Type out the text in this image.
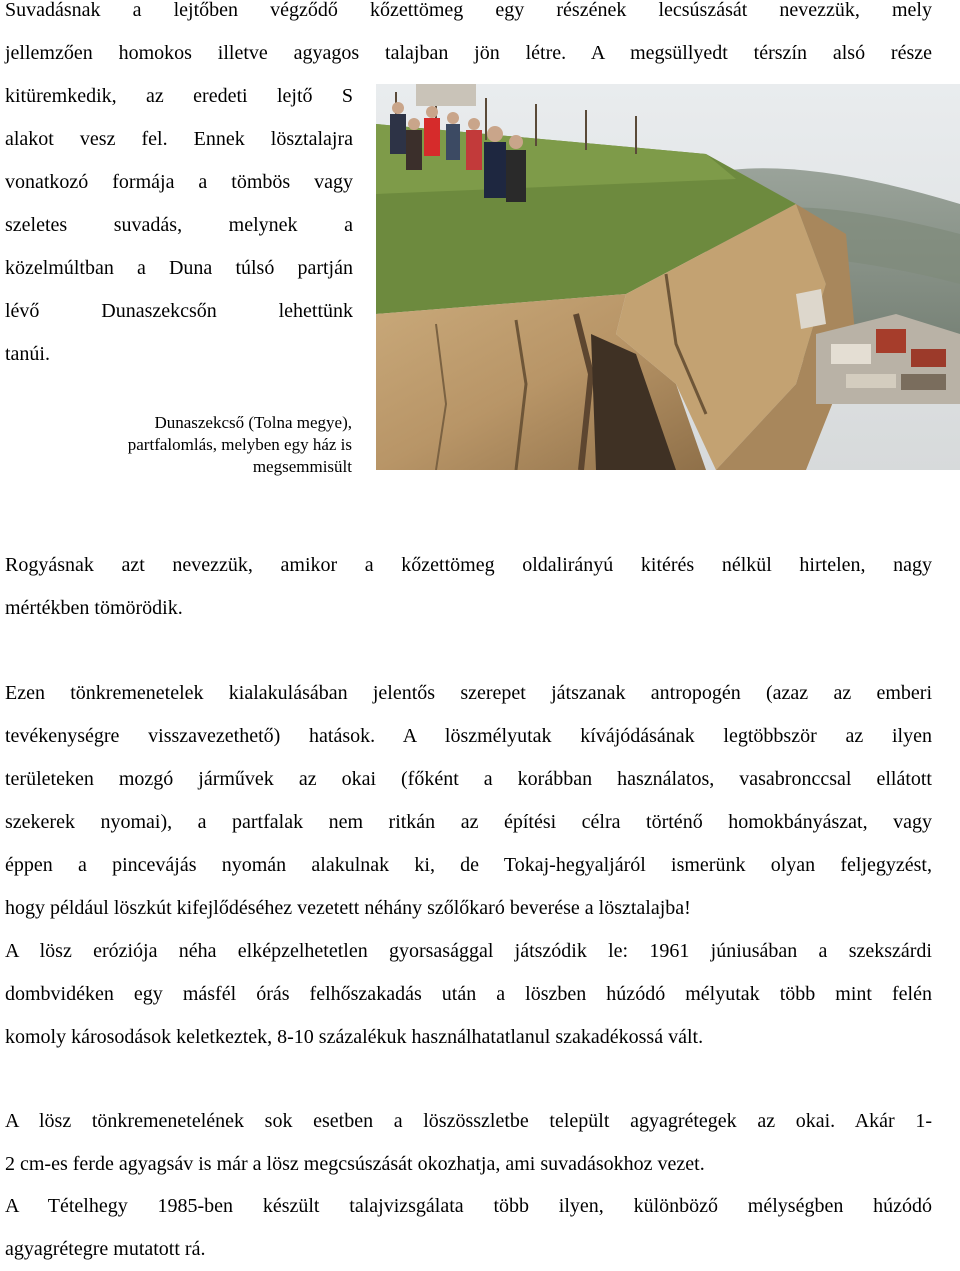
Suvadásnak a lejtőben végződő kőzettömeg egy részének lecsúszását nevezzük, mely
jellemzően homokos illetve agyagos talajban jön létre. A megsüllyedt térszín alsó része
kitüremkedik, az eredeti lejtő S
alakot vesz fel. Ennek lösztalajra
vonatkozó formája a tömbös vagy
szeletes suvadás, melynek a
közelmúltban a Duna túlsó partján
lévő Dunaszekcsőn lehettünk
tanúi.
Dunaszekcső (Tolna megye),
partfalomlás, melyben egy ház is
megsemmisült
Rogyásnak azt nevezzük, amikor a kőzettömeg oldalirányú kitérés nélkül hirtelen, nagy
mértékben tömörödik.
Ezen tönkremenetelek kialakulásában jelentős szerepet játszanak antropogén (azaz az emberi
tevékenységre visszavezethető) hatások. A löszmélyutak kívájódásának legtöbbször az ilyen
területeken mozgó járművek az okai (főként a korábban használatos, vasabronccsal ellátott
szekerek nyomai), a partfalak nem ritkán az építési célra történő homokbányászat, vagy
éppen a pincevájás nyomán alakulnak ki, de Tokaj-hegyaljáról ismerünk olyan feljegyzést,
hogy például löszkút kifejlődéséhez vezetett néhány szőlőkaró beverése a lösztalajba!
A lösz eróziója néha elképzelhetetlen gyorsasággal játszódik le: 1961 júniusában a szekszárdi
dombvidéken egy másfél órás felhőszakadás után a löszben húzódó mélyutak több mint felén
komoly károsodások keletkeztek, 8-10 százalékuk használhatatlanul szakadékossá vált.
A lösz tönkremenetelének sok esetben a löszösszletbe települt agyagrétegek az okai. Akár 1-
2 cm-es ferde agyagsáv is már a lösz megcsúszását okozhatja, ami suvadásokhoz vezet.
A Tételhegy 1985-ben készült talajvizsgálata több ilyen, különböző mélységben húzódó
agyagrétegre mutatott rá.
